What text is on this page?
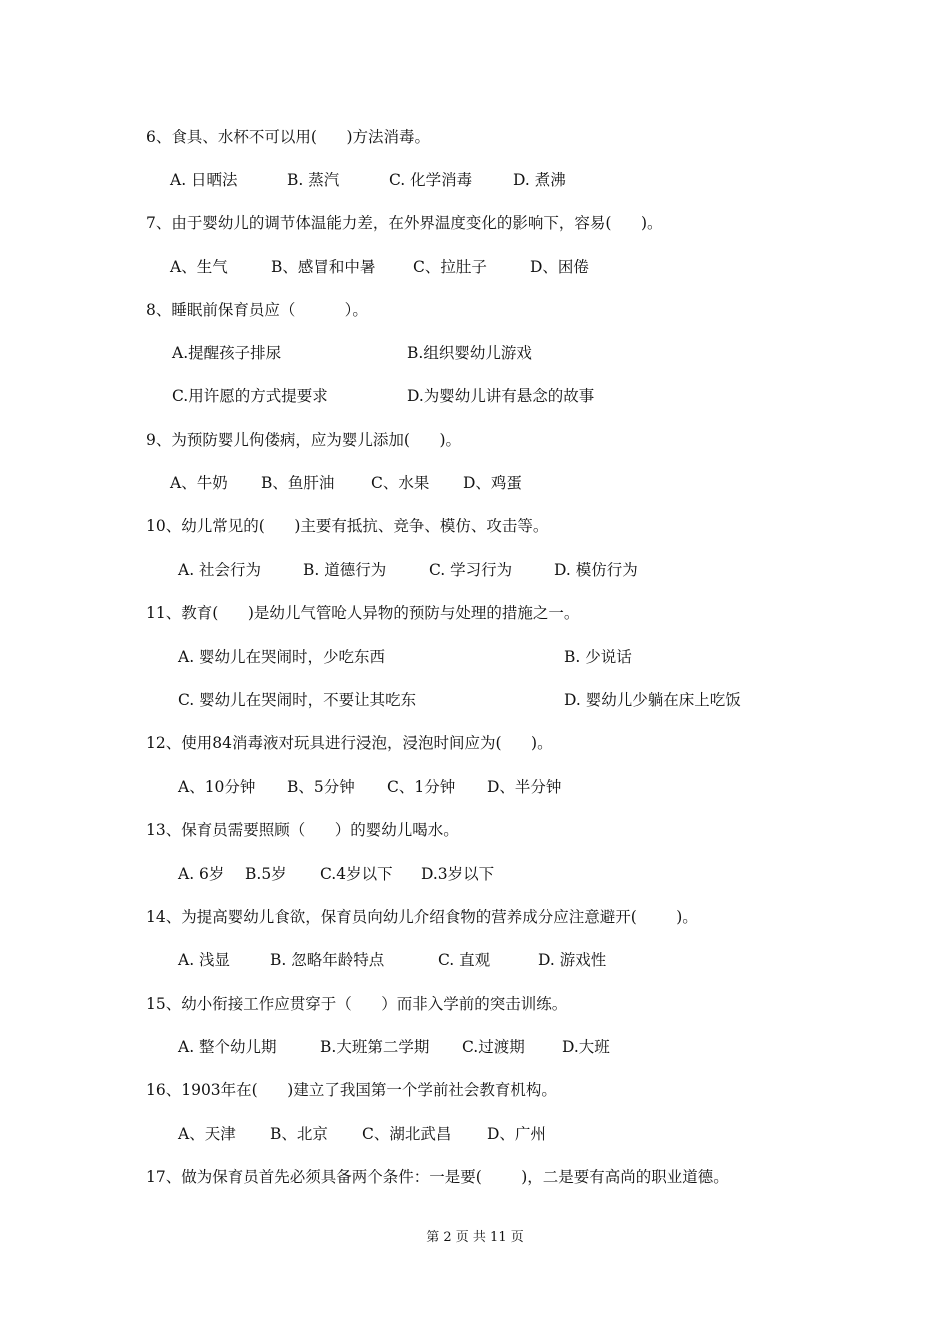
6、食具、水杯不可以用(      )方法消毒。
A. 日晒法	B. 蒸汽	C. 化学消毒	D. 煮沸
7、由于婴幼儿的调节体温能力差，在外界温度变化的影响下，容易(      )。
A、生气	B、感冒和中暑 C、拉肚子	D、困倦
8、睡眠前保育员应（          ）。
A.提醒孩子排尿	B.组织婴幼儿游戏
C.用许愿的方式提要求	D.为婴幼儿讲有悬念的故事
9、为预防婴儿佝偻病，应为婴儿添加(      )。
A、牛奶 B、鱼肝油 C、水果 D、鸡蛋
10、幼儿常见的(      )主要有抵抗、竞争、模仿、攻击等。
A. 社会行为	B. 道德行为	C. 学习行为	D. 模仿行为
11、教育(      )是幼儿气管呛人异物的预防与处理的措施之一。
A. 婴幼儿在哭闹时，少吃东西	B. 少说话
C. 婴幼儿在哭闹时，不要让其吃东	D. 婴幼儿少躺在床上吃饭
12、使用84消毒液对玩具进行浸泡，浸泡时间应为(      )。
A、10分钟 B、5分钟 C、1分钟 D、半分钟
13、保育员需要照顾（      ）的婴幼儿喝水。
A. 6岁 B.5岁 C.4岁以下 D.3岁以下
14、为提高婴幼儿食欲，保育员向幼儿介绍食物的营养成分应注意避开(        )。
A. 浅显	B. 忽略年龄特点	C. 直观	D. 游戏性
15、幼小衔接工作应贯穿于（      ）而非入学前的突击训练。
A. 整个幼儿期	B.大班第二学期 C.过渡期 D.大班
16、1903年在(      )建立了我国第一个学前社会教育机构。
A、天津 B、北京 C、湖北武昌 D、广州
17、做为保育员首先必须具备两个条件：一是要(        )，二是要有高尚的职业道德。
第 2 页 共 11 页
